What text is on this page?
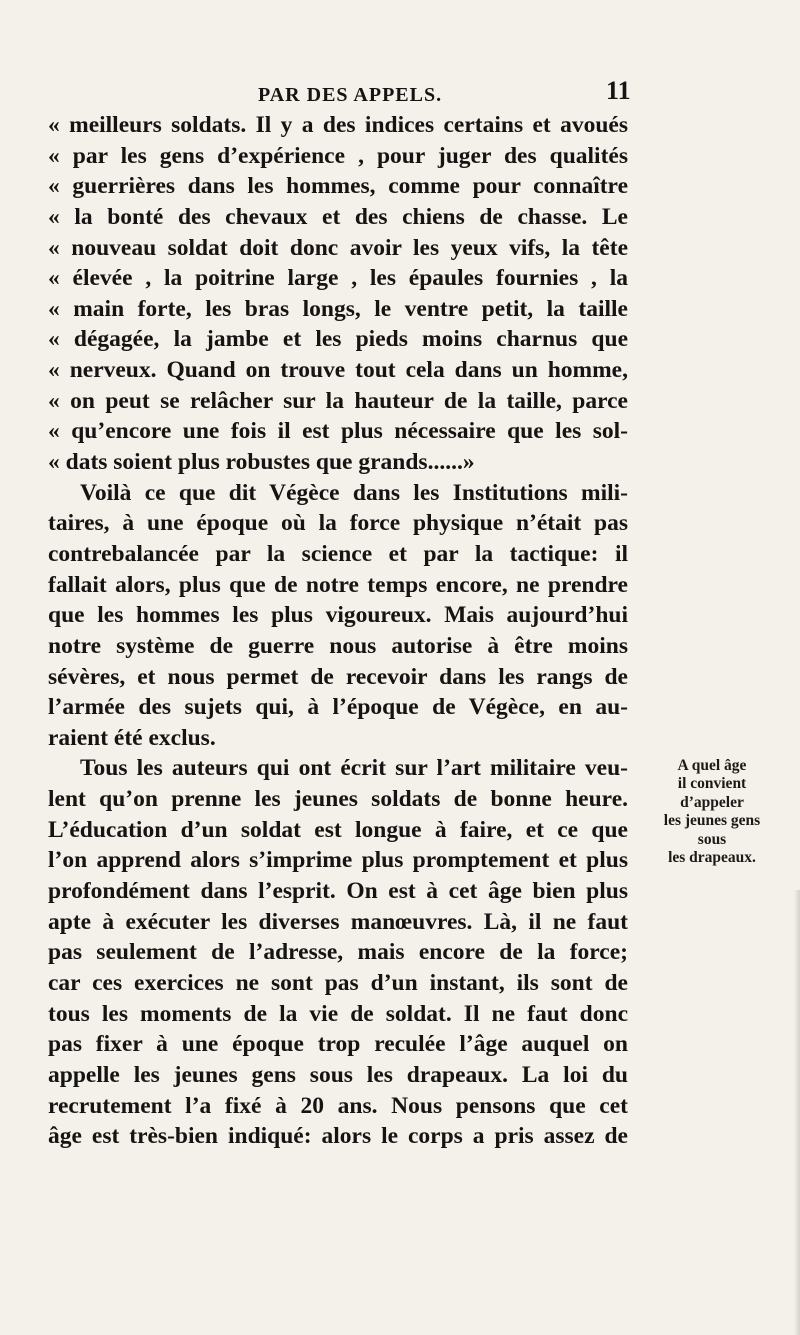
PAR DES APPELS.	11
« meilleurs soldats. Il y a des indices certains et avoués
« par les gens d’expérience , pour juger des qualités
« guerrières dans les hommes, comme pour connaître
« la bonté des chevaux et des chiens de chasse. Le
« nouveau soldat doit donc avoir les yeux vifs, la tête
« élevée , la poitrine large , les épaules fournies , la
« main forte, les bras longs, le ventre petit, la taille
« dégagée, la jambe et les pieds moins charnus que
« nerveux. Quand on trouve tout cela dans un homme,
« on peut se relâcher sur la hauteur de la taille, parce
« qu’encore une fois il est plus nécessaire que les sol-
« dats soient plus robustes que grands......»
Voilà ce que dit Végèce dans les Institutions mili-
taires, à une époque où la force physique n’était pas
contrebalancée par la science et par la tactique: il
fallait alors, plus que de notre temps encore, ne prendre
que les hommes les plus vigoureux. Mais aujourd’hui
notre système de guerre nous autorise à être moins
sévères, et nous permet de recevoir dans les rangs de
l’armée des sujets qui, à l’époque de Végèce, en au-
raient été exclus.
Tous les auteurs qui ont écrit sur l’art militaire veu-
lent qu’on prenne les jeunes soldats de bonne heure.
L’éducation d’un soldat est longue à faire, et ce que
l’on apprend alors s’imprime plus promptement et plus
profondément dans l’esprit. On est à cet âge bien plus
apte à exécuter les diverses manœuvres. Là, il ne faut
pas seulement de l’adresse, mais encore de la force;
car ces exercices ne sont pas d’un instant, ils sont de
tous les moments de la vie de soldat. Il ne faut donc
pas fixer à une époque trop reculée l’âge auquel on
appelle les jeunes gens sous les drapeaux. La loi du
recrutement l’a fixé à 20 ans. Nous pensons que cet
âge est très-bien indiqué: alors le corps a pris assez de
A quel âge
il convient
d’appeler
les jeunes gens
sous
les drapeaux.
